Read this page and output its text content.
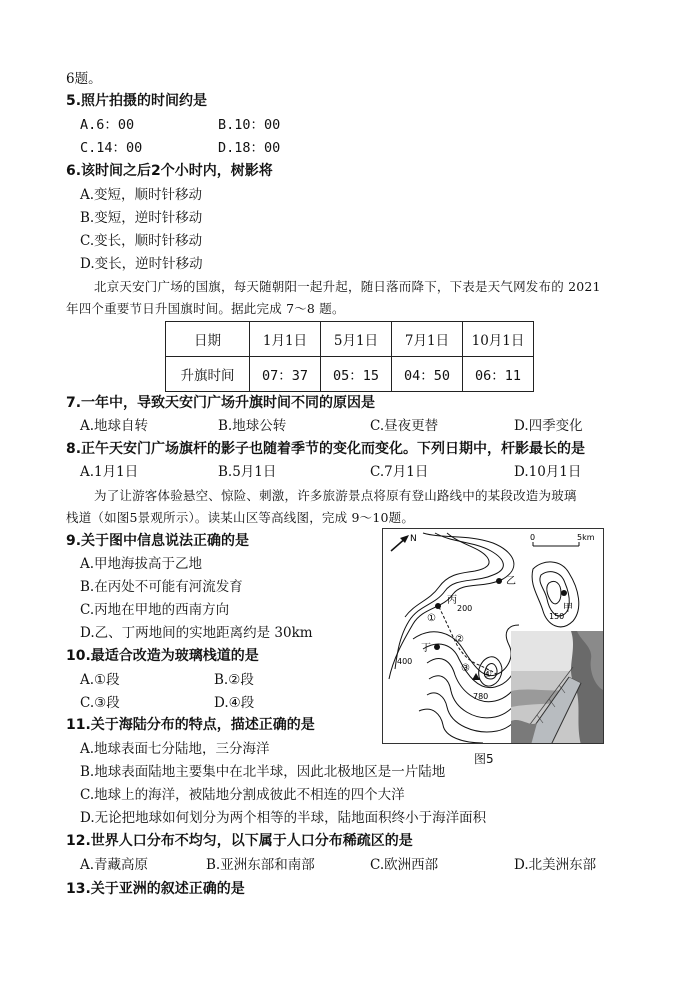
6题。
5.照片拍摄的时间约是
A.6：00	B.10：00
C.14：00	D.18：00
6.该时间之后2个小时内，树影将
A.变短，顺时针移动
B.变短，逆时针移动
C.变长，顺时针移动
D.变长，逆时针移动
北京天安门广场的国旗，每天随朝阳一起升起，随日落而降下，下表是天气网发布的 2021
年四个重要节日升国旗时间。据此完成 7～8 题。
日期	1月1日	5月1日	7月1日	10月1日
升旗时间	07：37	05：15	04：50	06：11
7.一年中，导致天安门广场升旗时间不同的原因是
A.地球自转	B.地球公转	C.昼夜更替	D.四季变化
8.正午天安门广场旗杆的影子也随着季节的变化而变化。下列日期中，杆影最长的是
A.1月1日	B.5月1日	C.7月1日	D.10月1日
为了让游客体验悬空、惊险、刺激，许多旅游景点将原有登山路线中的某段改造为玻璃
栈道（如图5景观所示）。读某山区等高线图，完成 9～10题。
9.关于图中信息说法正确的是
A.甲地海拔高于乙地
B.在丙处不可能有河流发育
C.丙地在甲地的西南方向
D.乙、丁两地间的实地距离约是 30km
10.最适合改造为玻璃栈道的是
A.①段	B.②段
C.③段	D.④段
N	0	5km
乙
甲
丙
丁
200
150
400
780
①
②
③
④
图5
11.关于海陆分布的特点，描述正确的是
A.地球表面七分陆地，三分海洋
B.地球表面陆地主要集中在北半球，因此北极地区是一片陆地
C.地球上的海洋，被陆地分割成彼此不相连的四个大洋
D.无论把地球如何划分为两个相等的半球，陆地面积终小于海洋面积
12.世界人口分布不均匀，以下属于人口分布稀疏区的是
A.青藏高原	B.亚洲东部和南部	C.欧洲西部	D.北美洲东部
13.关于亚洲的叙述正确的是
